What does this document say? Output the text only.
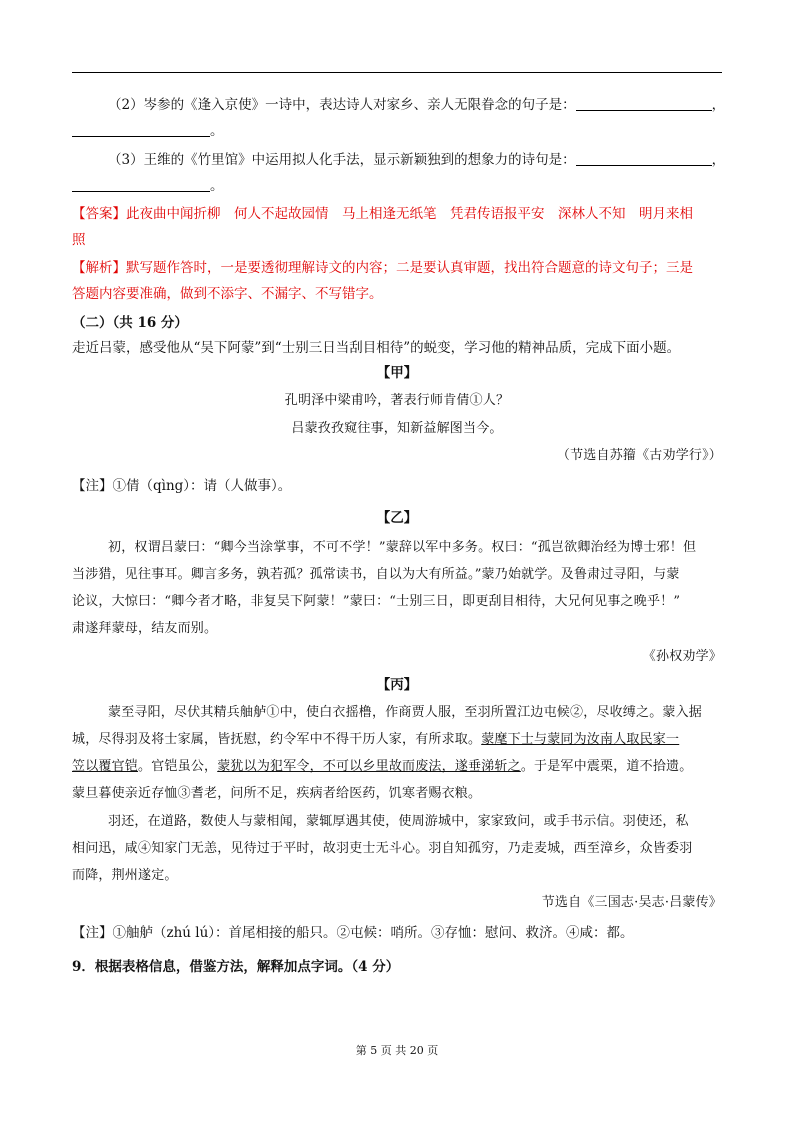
（2）岑参的《逢入京使》一诗中，表达诗人对家乡、亲人无限眷念的句子是：	，
。
（3）王维的《竹里馆》中运用拟人化手法，显示新颖独到的想象力的诗句是：	，
。
【答案】此夜曲中闻折柳　何人不起故园情　马上相逢无纸笔　凭君传语报平安　深林人不知　明月来相
照
【解析】默写题作答时，一是要透彻理解诗文的内容；二是要认真审题，找出符合题意的诗文句子；三是
答题内容要准确，做到不添字、不漏字、不写错字。
（二）（共 16 分）
走近吕蒙，感受他从“吴下阿蒙”到“士别三日当刮目相待”的蜕变，学习他的精神品质，完成下面小题。
【甲】
孔明泽中梁甫吟，著表行师肯倩①人？
吕蒙孜孜窥往事，知新益解图当今。
（节选自苏籀《古劝学行》）
【注】①倩（qìng）：请（人做事）。
【乙】
初，权谓吕蒙曰：“卿今当涂掌事，不可不学！”蒙辞以军中多务。权曰：“孤岂欲卿治经为博士邪！但
当涉猎，见往事耳。卿言多务，孰若孤？孤常读书，自以为大有所益。”蒙乃始就学。及鲁肃过寻阳，与蒙
论议，大惊曰：“卿今者才略，非复吴下阿蒙！”蒙曰：“士别三日，即更刮目相待，大兄何见事之晚乎！”
肃遂拜蒙母，结友而别。
《孙权劝学》
【丙】
蒙至寻阳，尽伏其精兵舳舻①中，使白衣摇橹，作商贾人服，至羽所置江边屯候②，尽收缚之。蒙入据
城，尽得羽及将士家属，皆抚慰，约令军中不得干历人家，有所求取。蒙麾下士与蒙同为汝南人取民家一
笠以覆官铠。官铠虽公，蒙犹以为犯军令，不可以乡里故而废法，遂垂涕斩之。于是军中震栗，道不拾遗。
蒙旦暮使亲近存恤③耆老，问所不足，疾病者给医药，饥寒者赐衣粮。
羽还，在道路，数使人与蒙相闻，蒙辄厚遇其使，使周游城中，家家致问，或手书示信。羽使还，私
相问迅，咸④知家门无恙，见待过于平时，故羽吏士无斗心。羽自知孤穷，乃走麦城，西至漳乡，众皆委羽
而降，荆州遂定。
节选自《三国志·吴志·吕蒙传》
【注】①舳舻（zhú lú）：首尾相接的船只。②屯候：哨所。③存恤：慰问、救济。④咸：都。
9．根据表格信息，借鉴方法，解释加点字词。（4 分）
第 5 页 共 20 页
